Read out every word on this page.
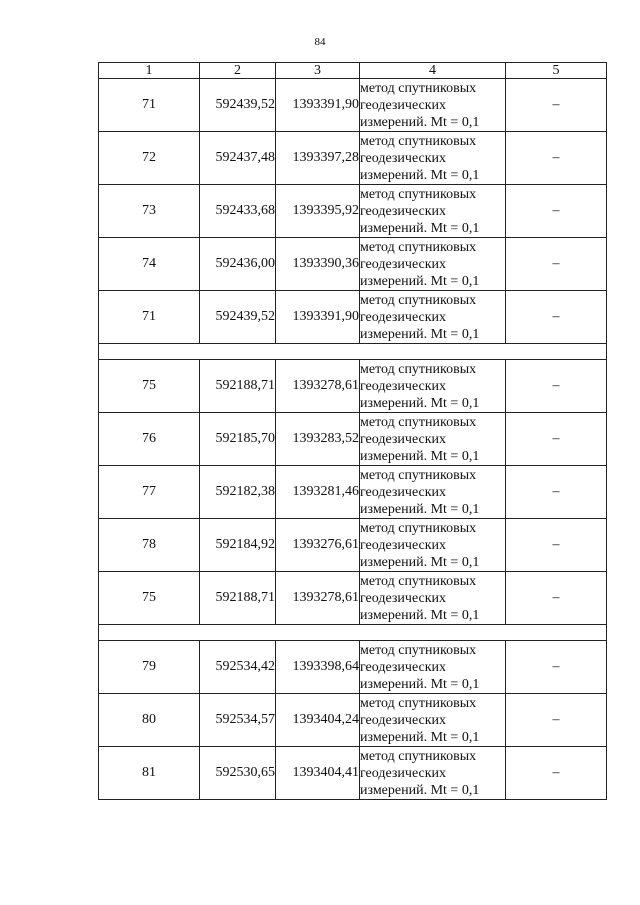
84
1	2	3	4	5
71	592439,52	1393391,90	метод спутниковых
геодезических
измерений. Mt = 0,1	–
72	592437,48	1393397,28	метод спутниковых
геодезических
измерений. Mt = 0,1	–
73	592433,68	1393395,92	метод спутниковых
геодезических
измерений. Mt = 0,1	–
74	592436,00	1393390,36	метод спутниковых
геодезических
измерений. Mt = 0,1	–
71	592439,52	1393391,90	метод спутниковых
геодезических
измерений. Mt = 0,1	–

75	592188,71	1393278,61	метод спутниковых
геодезических
измерений. Mt = 0,1	–
76	592185,70	1393283,52	метод спутниковых
геодезических
измерений. Mt = 0,1	–
77	592182,38	1393281,46	метод спутниковых
геодезических
измерений. Mt = 0,1	–
78	592184,92	1393276,61	метод спутниковых
геодезических
измерений. Mt = 0,1	–
75	592188,71	1393278,61	метод спутниковых
геодезических
измерений. Mt = 0,1	–

79	592534,42	1393398,64	метод спутниковых
геодезических
измерений. Mt = 0,1	–
80	592534,57	1393404,24	метод спутниковых
геодезических
измерений. Mt = 0,1	–
81	592530,65	1393404,41	метод спутниковых
геодезических
измерений. Mt = 0,1	–
